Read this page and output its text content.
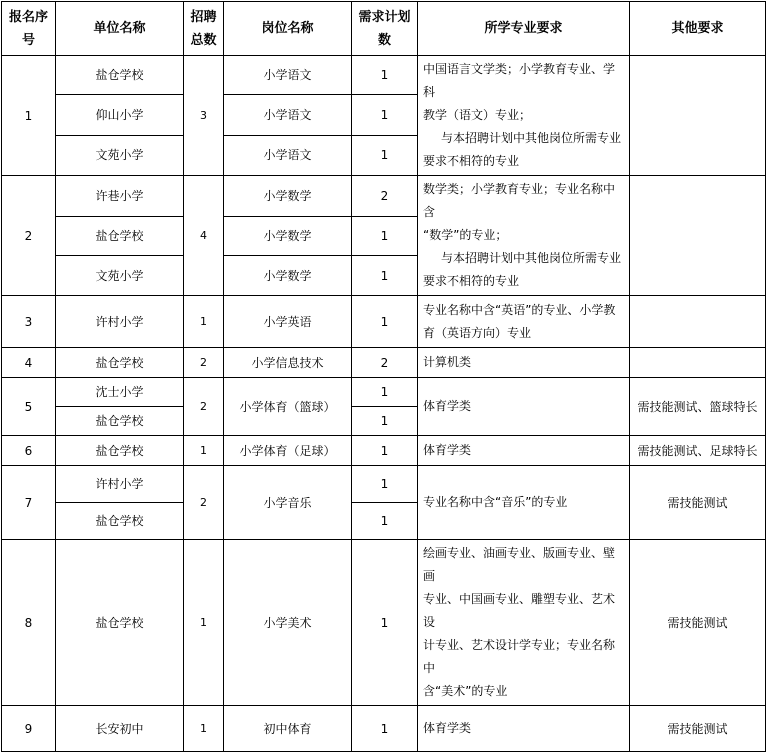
报名序号	单位名称	招聘总数	岗位名称	需求计划数	所学专业要求	其他要求
1	盐仓学校	3	小学语文	1	中国语言文学类；小学教育专业、学科
教学（语文）专业；
与本招聘计划中其他岗位所需专业
要求不相符的专业	

	仰山小学		小学语文	1		
	文苑小学		小学语文	1		
2	许巷小学	4	小学数学	2	数学类；小学教育专业；专业名称中含
“数学”的专业；
与本招聘计划中其他岗位所需专业
要求不相符的专业	

	盐仓学校		小学数学	1		
	文苑小学		小学数学	1		
3	许村小学	1	小学英语	1	专业名称中含“英语”的专业、小学教
育（英语方向）专业	

4	盐仓学校	2	小学信息技术	2	计算机类	

5	沈士小学	2	小学体育（篮球）	1	体育学类	需技能测试、篮球特长
	盐仓学校			1		
6	盐仓学校	1	小学体育（足球）	1	体育学类	需技能测试、足球特长
7	许村小学	2	小学音乐	1	专业名称中含“音乐”的专业	需技能测试
	盐仓学校			1		
8	盐仓学校	1	小学美术	1	绘画专业、油画专业、版画专业、壁画
专业、中国画专业、雕塑专业、艺术设
计专业、艺术设计学专业；专业名称中
含“美术”的专业	需技能测试
9	长安初中	1	初中体育	1	体育学类	需技能测试
